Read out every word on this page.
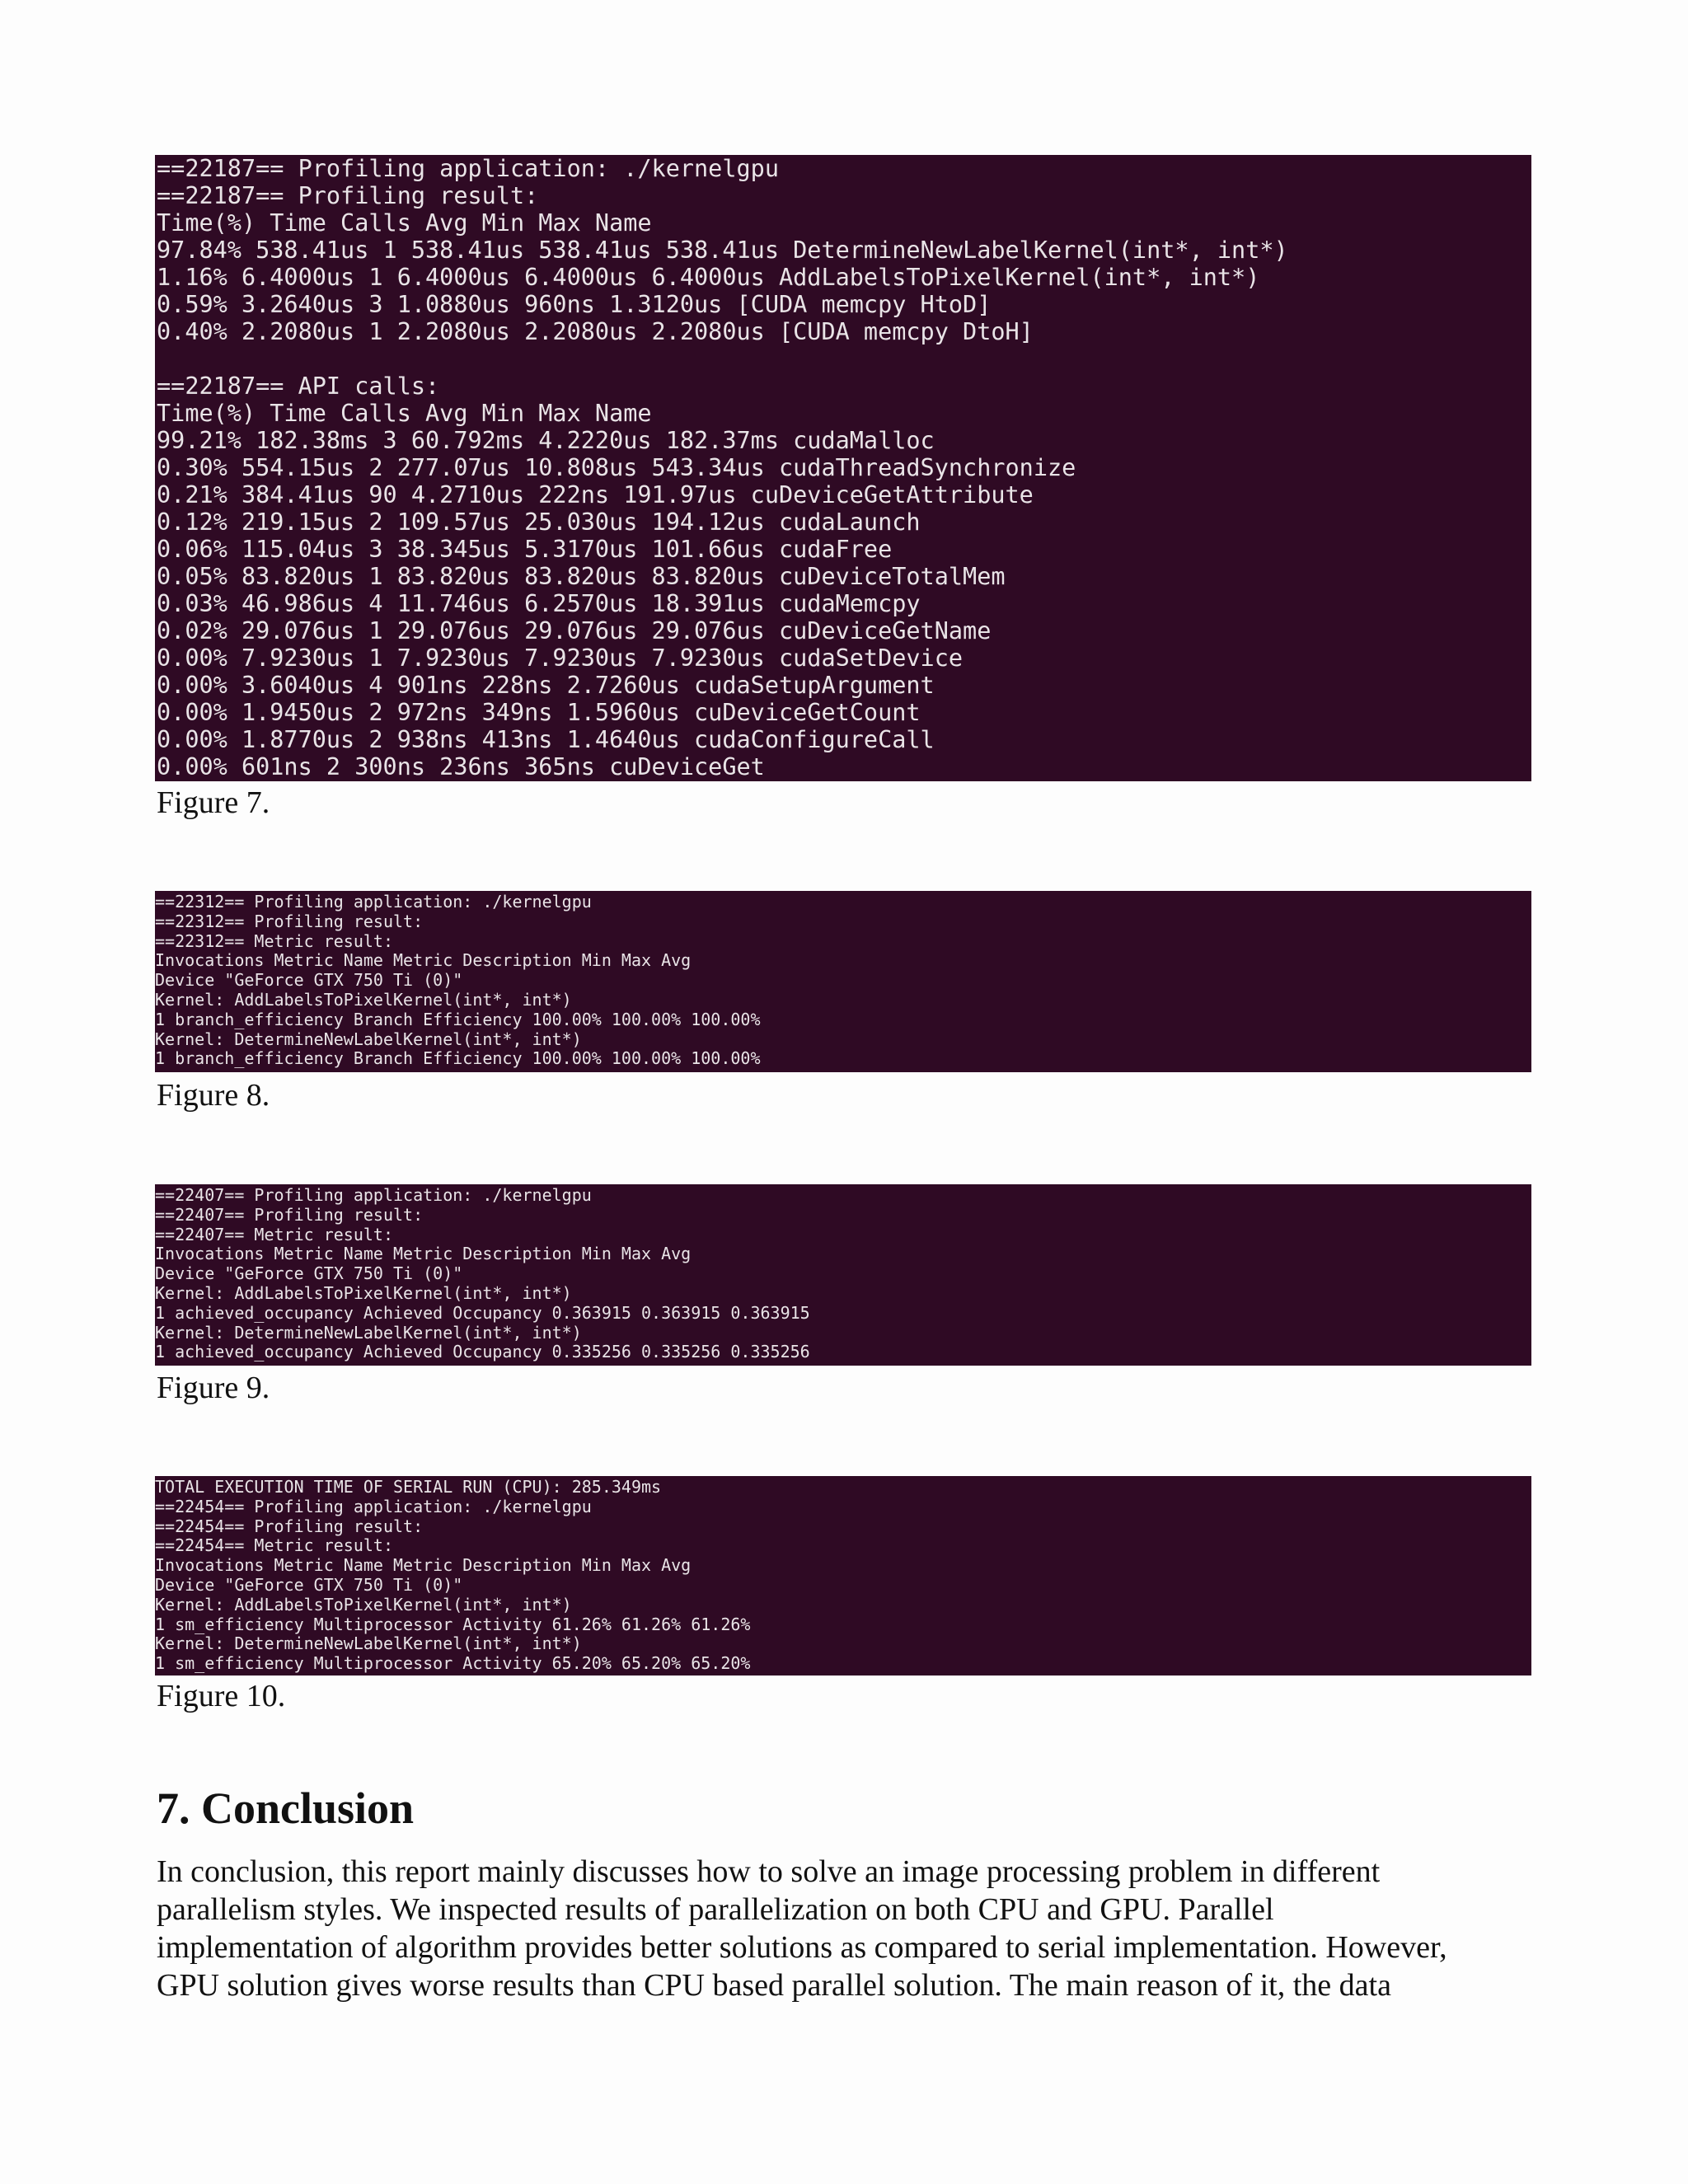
==22187== Profiling application: ./kernelgpu
==22187== Profiling result:
Time(%) Time Calls Avg Min Max Name
97.84% 538.41us 1 538.41us 538.41us 538.41us DetermineNewLabelKernel(int*, int*)
1.16% 6.4000us 1 6.4000us 6.4000us 6.4000us AddLabelsToPixelKernel(int*, int*)
0.59% 3.2640us 3 1.0880us 960ns 1.3120us [CUDA memcpy HtoD]
0.40% 2.2080us 1 2.2080us 2.2080us 2.2080us [CUDA memcpy DtoH]

==22187== API calls:
Time(%) Time Calls Avg Min Max Name
99.21% 182.38ms 3 60.792ms 4.2220us 182.37ms cudaMalloc
0.30% 554.15us 2 277.07us 10.808us 543.34us cudaThreadSynchronize
0.21% 384.41us 90 4.2710us 222ns 191.97us cuDeviceGetAttribute
0.12% 219.15us 2 109.57us 25.030us 194.12us cudaLaunch
0.06% 115.04us 3 38.345us 5.3170us 101.66us cudaFree
0.05% 83.820us 1 83.820us 83.820us 83.820us cuDeviceTotalMem
0.03% 46.986us 4 11.746us 6.2570us 18.391us cudaMemcpy
0.02% 29.076us 1 29.076us 29.076us 29.076us cuDeviceGetName
0.00% 7.9230us 1 7.9230us 7.9230us 7.9230us cudaSetDevice
0.00% 3.6040us 4 901ns 228ns 2.7260us cudaSetupArgument
0.00% 1.9450us 2 972ns 349ns 1.5960us cuDeviceGetCount
0.00% 1.8770us 2 938ns 413ns 1.4640us cudaConfigureCall
0.00% 601ns 2 300ns 236ns 365ns cuDeviceGet
Figure 7.
==22312== Profiling application: ./kernelgpu
==22312== Profiling result:
==22312== Metric result:
Invocations Metric Name Metric Description Min Max Avg
Device "GeForce GTX 750 Ti (0)"
Kernel: AddLabelsToPixelKernel(int*, int*)
1 branch_efficiency Branch Efficiency 100.00% 100.00% 100.00%
Kernel: DetermineNewLabelKernel(int*, int*)
1 branch_efficiency Branch Efficiency 100.00% 100.00% 100.00%
Figure 8.
==22407== Profiling application: ./kernelgpu
==22407== Profiling result:
==22407== Metric result:
Invocations Metric Name Metric Description Min Max Avg
Device "GeForce GTX 750 Ti (0)"
Kernel: AddLabelsToPixelKernel(int*, int*)
1 achieved_occupancy Achieved Occupancy 0.363915 0.363915 0.363915
Kernel: DetermineNewLabelKernel(int*, int*)
1 achieved_occupancy Achieved Occupancy 0.335256 0.335256 0.335256
Figure 9.
TOTAL EXECUTION TIME OF SERIAL RUN (CPU): 285.349ms
==22454== Profiling application: ./kernelgpu
==22454== Profiling result:
==22454== Metric result:
Invocations Metric Name Metric Description Min Max Avg
Device "GeForce GTX 750 Ti (0)"
Kernel: AddLabelsToPixelKernel(int*, int*)
1 sm_efficiency Multiprocessor Activity 61.26% 61.26% 61.26%
Kernel: DetermineNewLabelKernel(int*, int*)
1 sm_efficiency Multiprocessor Activity 65.20% 65.20% 65.20%
Figure 10.
7. Conclusion

In conclusion, this report mainly discusses how to solve an image processing problem in different
parallelism styles. We inspected results of parallelization on both CPU and GPU. Parallel
implementation of algorithm provides better solutions as compared to serial implementation. However,
GPU solution gives worse results than CPU based parallel solution. The main reason of it, the data
